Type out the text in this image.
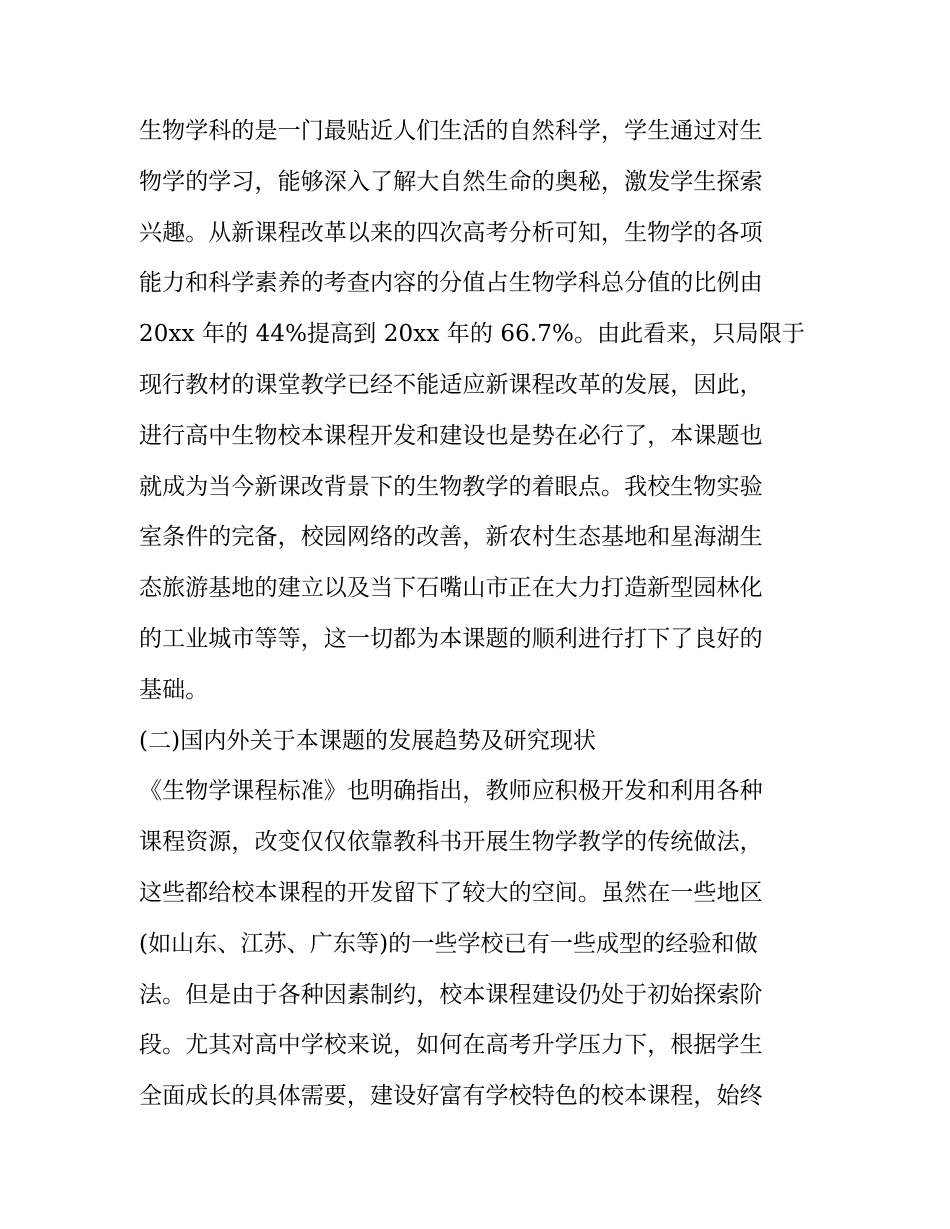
生物学科的是一门最贴近人们生活的自然科学，学生通过对生
物学的学习，能够深入了解大自然生命的奥秘，激发学生探索
兴趣。从新课程改革以来的四次高考分析可知，生物学的各项
能力和科学素养的考查内容的分值占生物学科总分值的比例由
20xx 年的 44%提高到 20xx 年的 66.7%。由此看来，只局限于
现行教材的课堂教学已经不能适应新课程改革的发展，因此，
进行高中生物校本课程开发和建设也是势在必行了，本课题也
就成为当今新课改背景下的生物教学的着眼点。我校生物实验
室条件的完备，校园网络的改善，新农村生态基地和星海湖生
态旅游基地的建立以及当下石嘴山市正在大力打造新型园林化
的工业城市等等，这一切都为本课题的顺利进行打下了良好的
基础。
(二)国内外关于本课题的发展趋势及研究现状
《生物学课程标准》也明确指出，教师应积极开发和利用各种
课程资源，改变仅仅依靠教科书开展生物学教学的传统做法，
这些都给校本课程的开发留下了较大的空间。虽然在一些地区
(如山东、江苏、广东等)的一些学校已有一些成型的经验和做
法。但是由于各种因素制约，校本课程建设仍处于初始探索阶
段。尤其对高中学校来说，如何在高考升学压力下，根据学生
全面成长的具体需要，建设好富有学校特色的校本课程，始终
